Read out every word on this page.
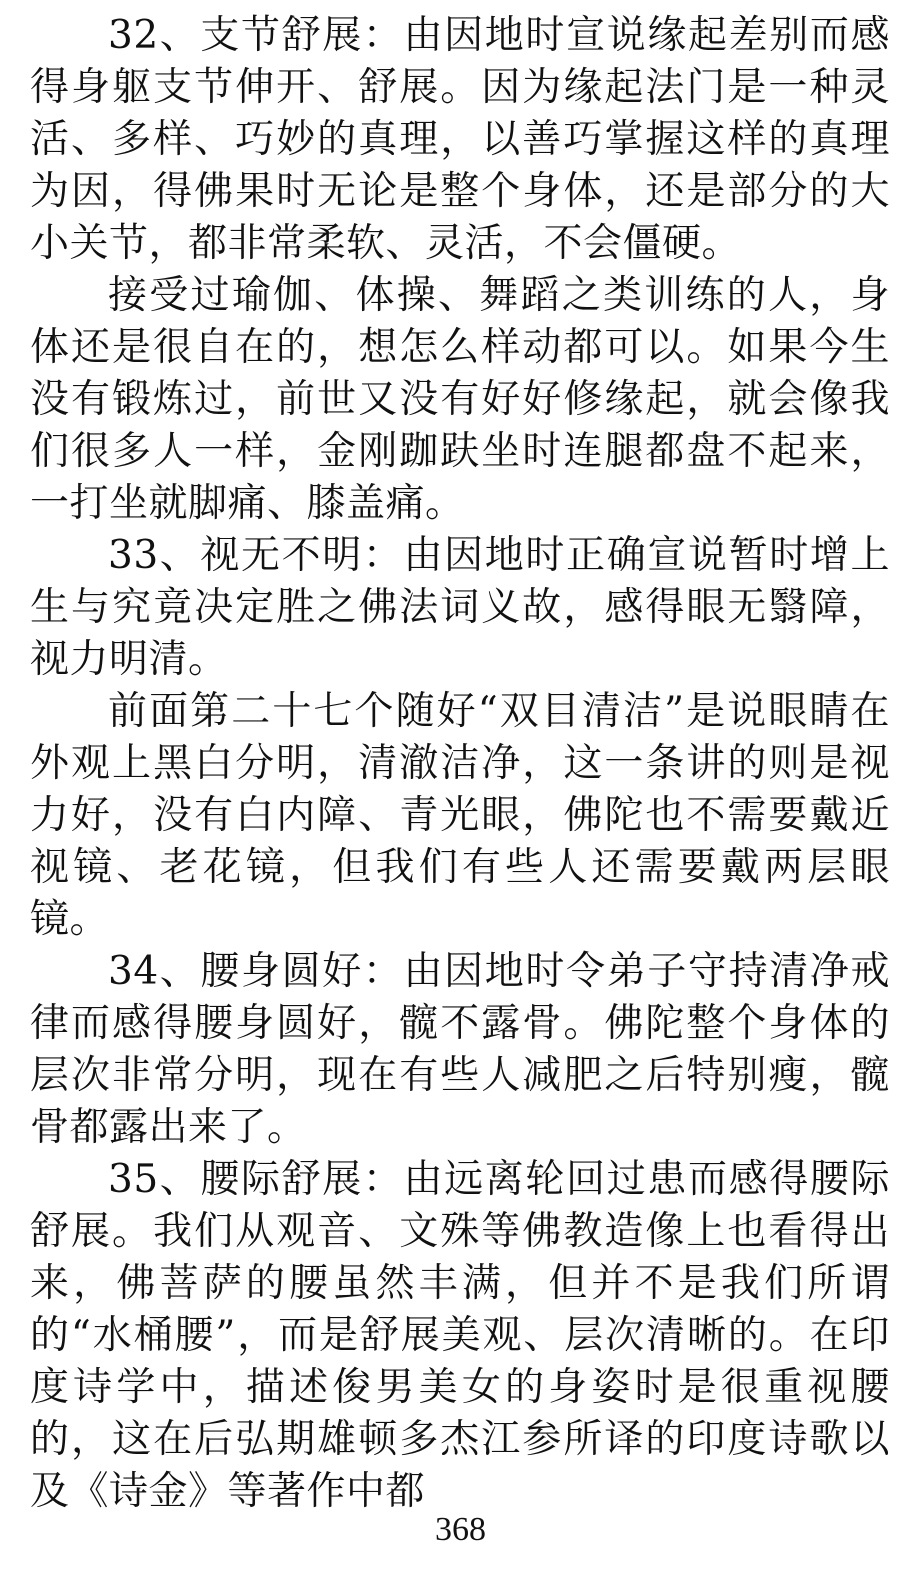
32、支节舒展：由因地时宣说缘起差别而感得身躯支节伸开、舒展。因为缘起法门是一种灵活、多样、巧妙的真理，以善巧掌握这样的真理为因，得佛果时无论是整个身体，还是部分的大小关节，都非常柔软、灵活，不会僵硬。

接受过瑜伽、体操、舞蹈之类训练的人，身体还是很自在的，想怎么样动都可以。如果今生没有锻炼过，前世又没有好好修缘起，就会像我们很多人一样，金刚跏趺坐时连腿都盘不起来，一打坐就脚痛、膝盖痛。

33、视无不明：由因地时正确宣说暂时增上生与究竟决定胜之佛法词义故，感得眼无翳障，视力明清。

前面第二十七个随好“双目清洁”是说眼睛在外观上黑白分明，清澈洁净，这一条讲的则是视力好，没有白内障、青光眼，佛陀也不需要戴近视镜、老花镜，但我们有些人还需要戴两层眼镜。

34、腰身圆好：由因地时令弟子守持清净戒律而感得腰身圆好，髋不露骨。佛陀整个身体的层次非常分明，现在有些人减肥之后特别瘦，髋骨都露出来了。

35、腰际舒展：由远离轮回过患而感得腰际舒展。我们从观音、文殊等佛教造像上也看得出来，佛菩萨的腰虽然丰满，但并不是我们所谓的“水桶腰”，而是舒展美观、层次清晰的。在印度诗学中，描述俊男美女的身姿时是很重视腰的，这在后弘期雄顿多杰江参所译的印度诗歌以及《诗金》等著作中都

368
